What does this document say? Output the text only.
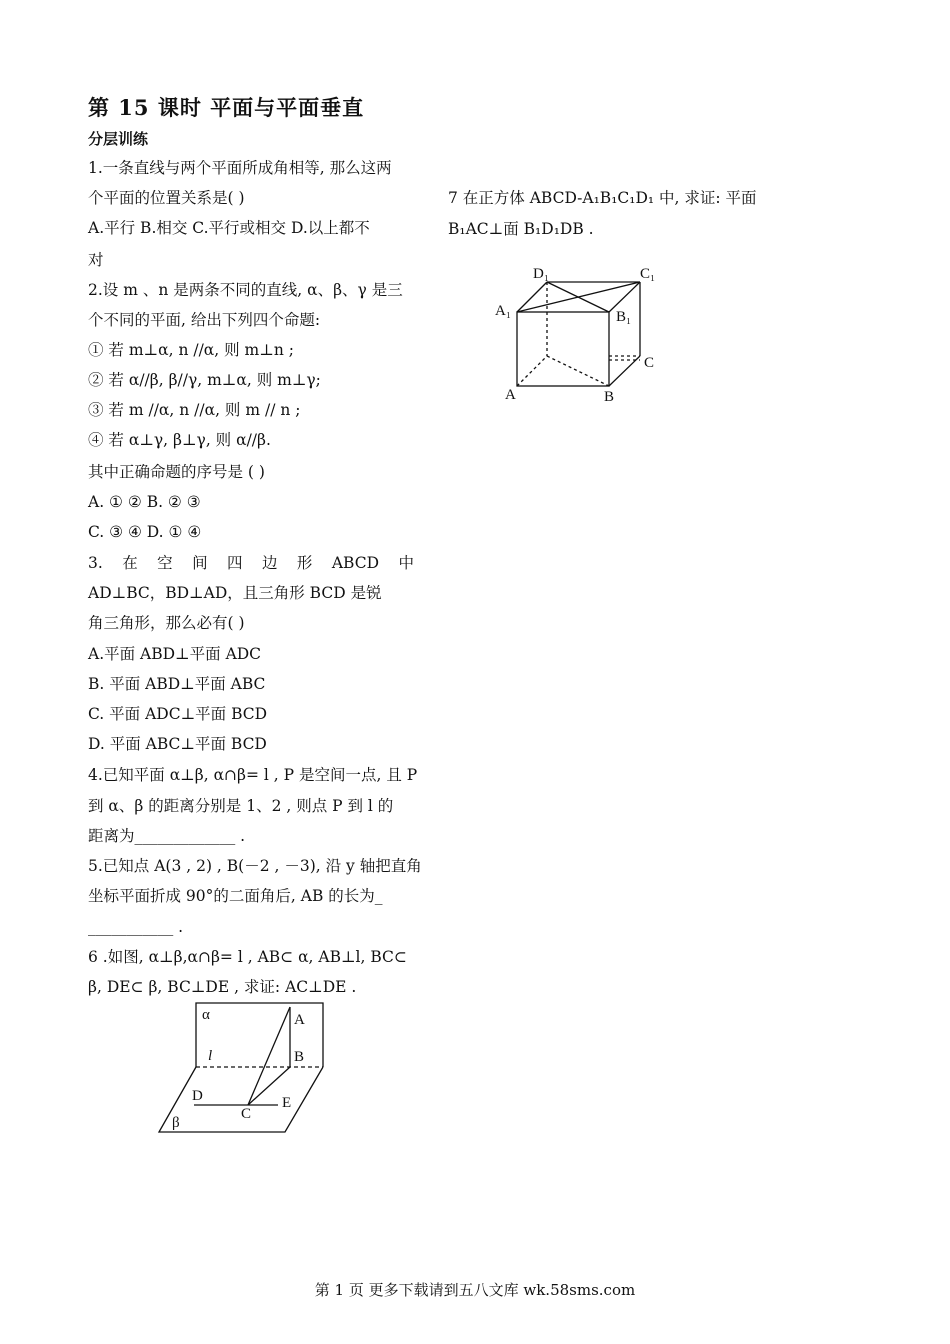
第 15 课时 平面与平面垂直
分层训练
1.一条直线与两个平面所成角相等, 那么这两
个平面的位置关系是( )
A.平行 B.相交 C.平行或相交 D.以上都不
对
2.设 m 、n 是两条不同的直线, α、β、γ 是三
个不同的平面, 给出下列四个命题:
① 若 m⊥α, n //α, 则 m⊥n ;
② 若 α//β, β//γ, m⊥α, 则 m⊥γ;
③ 若 m //α, n //α, 则 m // n ;
④ 若 α⊥γ, β⊥γ, 则 α//β.
其中正确命题的序号是 ( )
A. ① ② B. ② ③
C. ③ ④ D. ① ④
3. 在 空 间 四 边 形 ABCD 中
AD⊥BC，BD⊥AD，且三角形 BCD 是锐
角三角形，那么必有( )
A.平面 ABD⊥平面 ADC
B. 平面 ABD⊥平面 ABC
C. 平面 ADC⊥平面 BCD
D. 平面 ABC⊥平面 BCD
4.已知平面 α⊥β, α∩β= l , P 是空间一点, 且 P
到 α、β 的距离分别是 1、2 , 则点 P 到 l 的
距离为_____________ .
5.已知点 A(3 , 2) , B(－2 , －3), 沿 y 轴把直角
坐标平面折成 90°的二面角后, AB 的长为_
___________ .
6 .如图, α⊥β,α∩β= l , AB⊂ α, AB⊥l, BC⊂
β, DE⊂ β, BC⊥DE , 求证: AC⊥DE .
α	A
l	B
D
C
E
β
7 在正方体 ABCD-A₁B₁C₁D₁ 中, 求证: 平面
B₁AC⊥面 B₁D₁DB .
D₁	C₁
A₁	B₁
C
A	B
第 1 页 更多下载请到五八文库 wk.58sms.com
